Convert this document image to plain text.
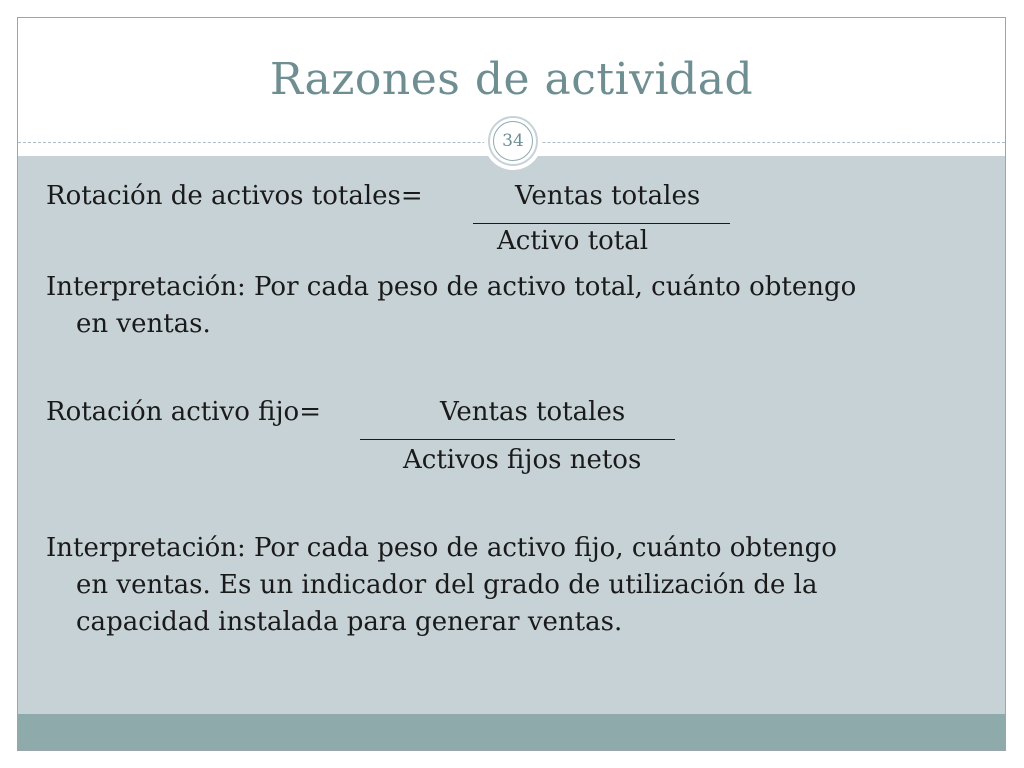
Razones de actividad
34
Rotación de activos totales=	Ventas totales
Activo total
Interpretación: Por cada peso de activo total, cuánto obtengo
en ventas.
Rotación activo fijo=	Ventas totales
Activos fijos netos
Interpretación: Por cada peso de activo fijo, cuánto obtengo
en ventas. Es un indicador del grado de utilización de la
capacidad instalada para generar ventas.
